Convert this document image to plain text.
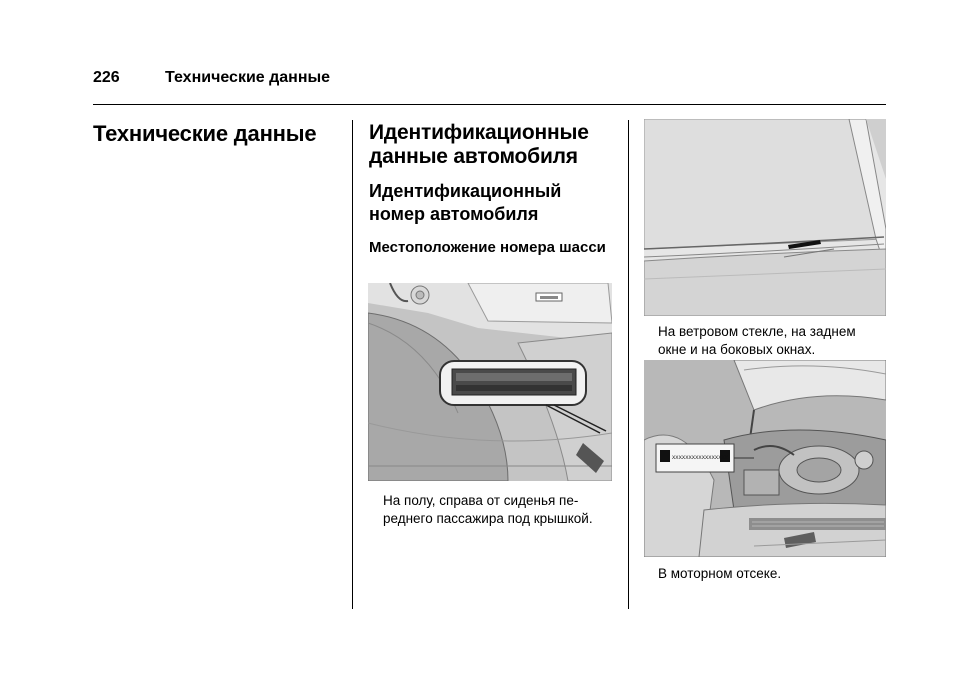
226	Технические данные
Технические данные	Идентификационные данные автомобиля
Идентификационный номер автомобиля
Местоположение номера шасси
На полу, справа от сиденья переднего пассажира под крышкой.
На ветровом стекле, на заднем окне и на боковых окнах.
XXXXXXXXXXXXXXXXX
В моторном отсеке.
